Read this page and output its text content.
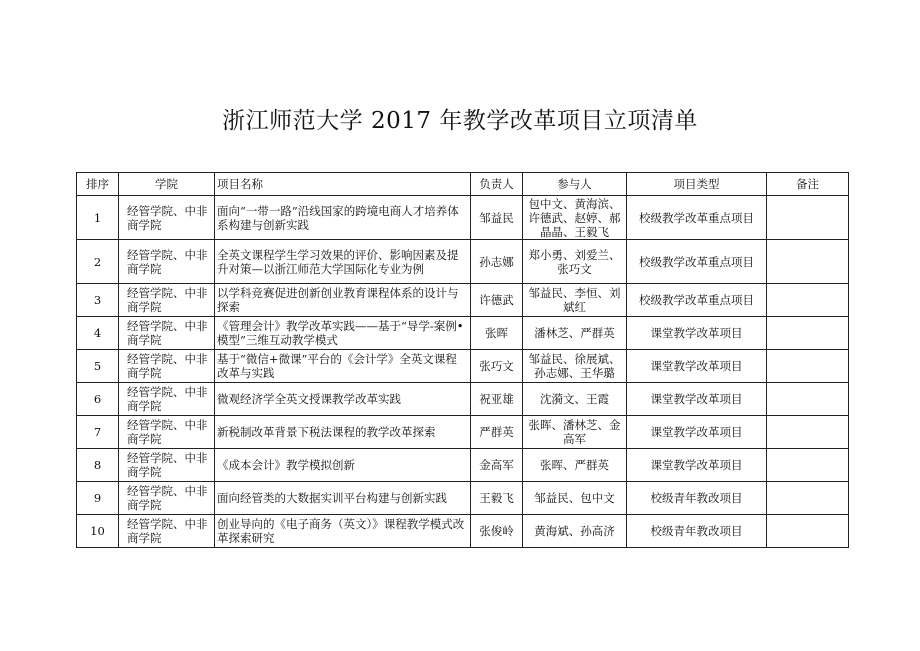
浙江师范大学 2017 年教学改革项目立项清单
排序	学院	项目名称	负责人	参与人	项目类型	备注
1	经管学院、中非商学院	面向“一带一路”沿线国家的跨境电商人才培养体系构建与创新实践	邹益民	包中文、黄海滨、许德武、赵婷、郝晶晶、王毅飞	校级教学改革重点项目	
2	经管学院、中非商学院	全英文课程学生学习效果的评价、影响因素及提升对策—以浙江师范大学国际化专业为例	孙志娜	郑小勇、刘爱兰、张巧文	校级教学改革重点项目	
3	经管学院、中非商学院	以学科竞赛促进创新创业教育课程体系的设计与探索	许德武	邹益民、李恒、刘斌红	校级教学改革重点项目	
4	经管学院、中非商学院	《管理会计》教学改革实践——基于“导学-案例•模型”三维互动教学模式	张晖	潘林芝、严群英	课堂教学改革项目	
5	经管学院、中非商学院	基于“微信+微课”平台的《会计学》全英文课程改革与实践	张巧文	邹益民、徐展斌、孙志娜、王华璐	课堂教学改革项目	
6	经管学院、中非商学院	微观经济学全英文授课教学改革实践	祝亚雄	沈漪文、王霞	课堂教学改革项目	
7	经管学院、中非商学院	新税制改革背景下税法课程的教学改革探索	严群英	张晖、潘林芝、金高军	课堂教学改革项目	
8	经管学院、中非商学院	《成本会计》教学模拟创新	金高军	张晖、严群英	课堂教学改革项目	
9	经管学院、中非商学院	面向经管类的大数据实训平台构建与创新实践	王毅飞	邹益民、包中文	校级青年教改项目	
10	经管学院、中非商学院	创业导向的《电子商务（英文）》课程教学模式改革探索研究	张俊岭	黄海斌、孙高济	校级青年教改项目	
